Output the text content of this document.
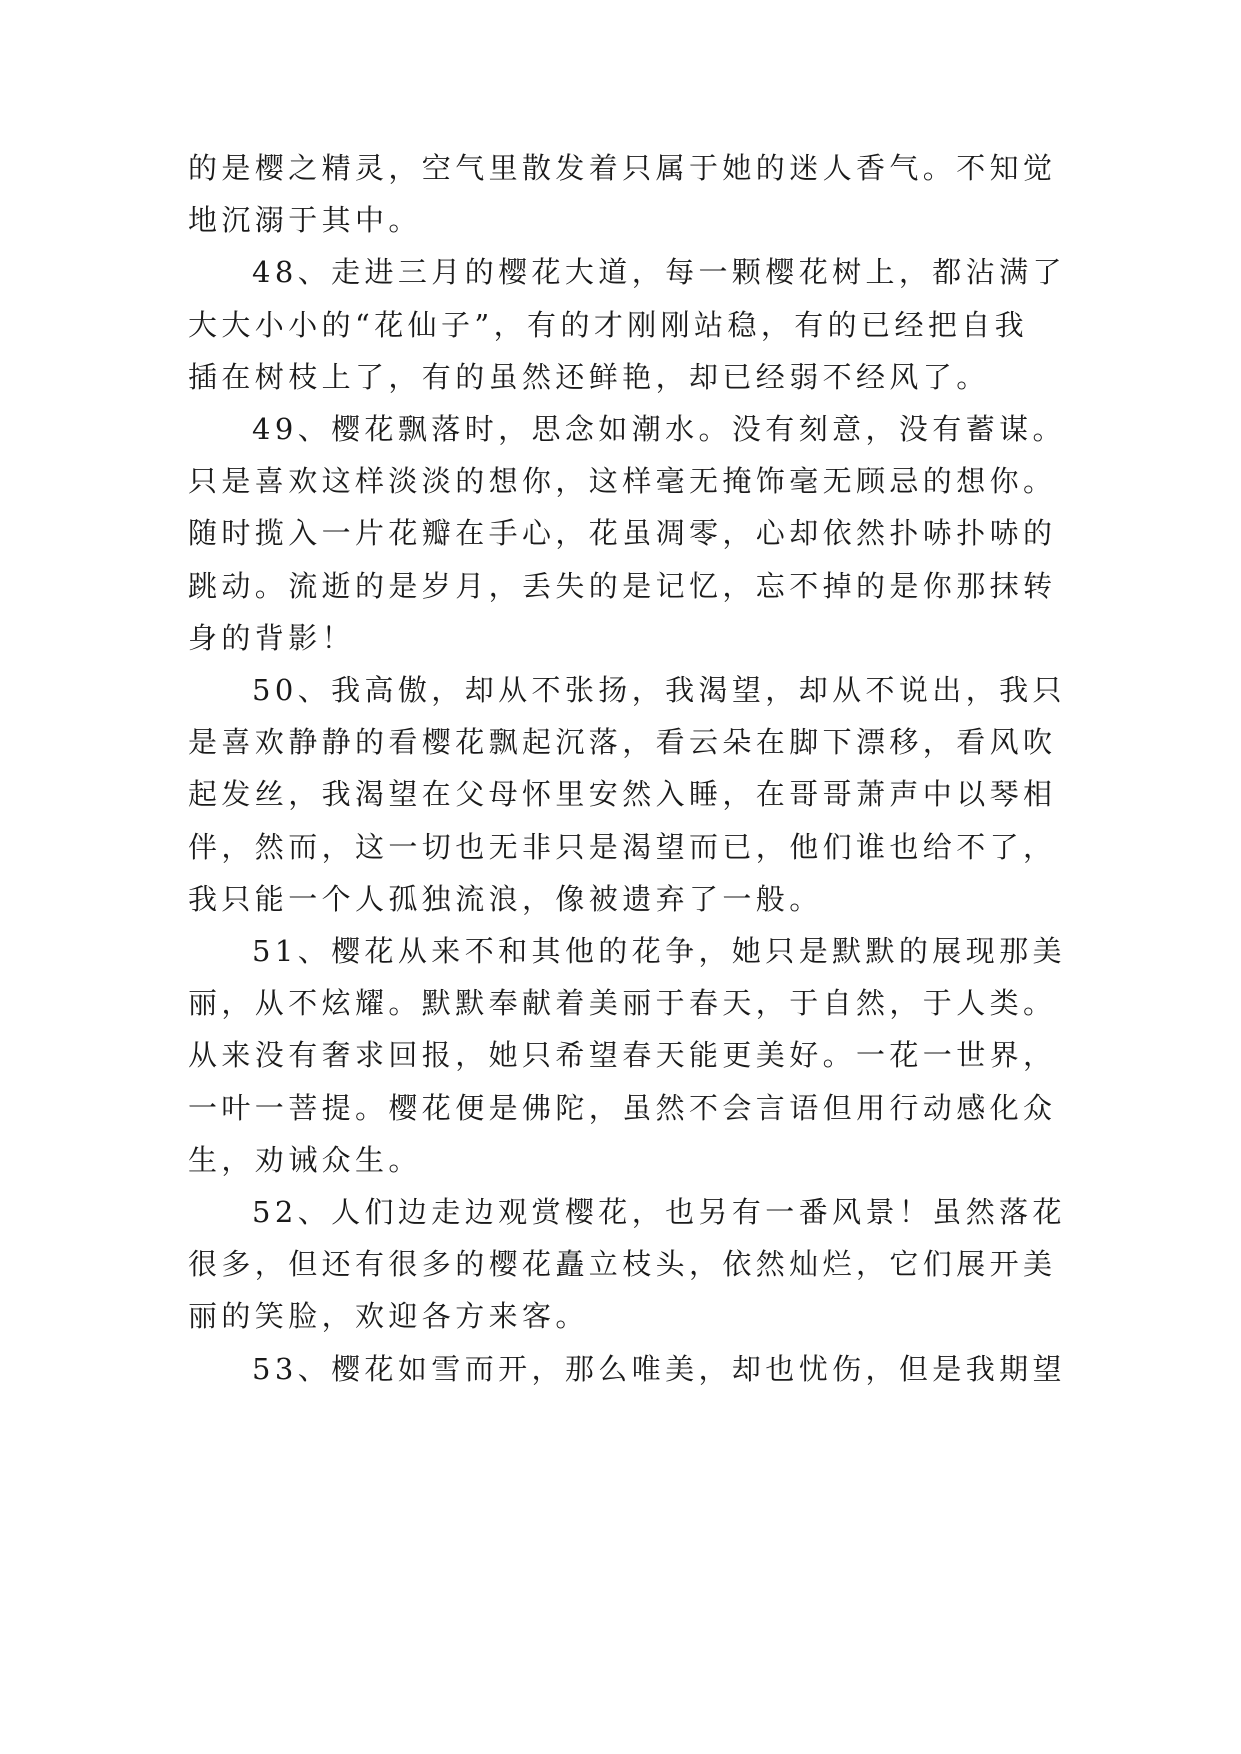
的是樱之精灵，空气里散发着只属于她的迷人香气。不知觉
地沉溺于其中。
48、走进三月的樱花大道，每一颗樱花树上，都沾满了
大大小小的“花仙子”，有的才刚刚站稳，有的已经把自我
插在树枝上了，有的虽然还鲜艳，却已经弱不经风了。
49、樱花飘落时，思念如潮水。没有刻意，没有蓄谋。
只是喜欢这样淡淡的想你，这样毫无掩饰毫无顾忌的想你。
随时揽入一片花瓣在手心，花虽凋零，心却依然扑哧扑哧的
跳动。流逝的是岁月，丢失的是记忆，忘不掉的是你那抹转
身的背影！
50、我高傲，却从不张扬，我渴望，却从不说出，我只
是喜欢静静的看樱花飘起沉落，看云朵在脚下漂移，看风吹
起发丝，我渴望在父母怀里安然入睡，在哥哥萧声中以琴相
伴，然而，这一切也无非只是渴望而已，他们谁也给不了，
我只能一个人孤独流浪，像被遗弃了一般。
51、樱花从来不和其他的花争，她只是默默的展现那美
丽，从不炫耀。默默奉献着美丽于春天，于自然，于人类。
从来没有奢求回报，她只希望春天能更美好。一花一世界，
一叶一菩提。樱花便是佛陀，虽然不会言语但用行动感化众
生，劝诫众生。
52、人们边走边观赏樱花，也另有一番风景！虽然落花
很多，但还有很多的樱花矗立枝头，依然灿烂，它们展开美
丽的笑脸，欢迎各方来客。
53、樱花如雪而开，那么唯美，却也忧伤，但是我期望
